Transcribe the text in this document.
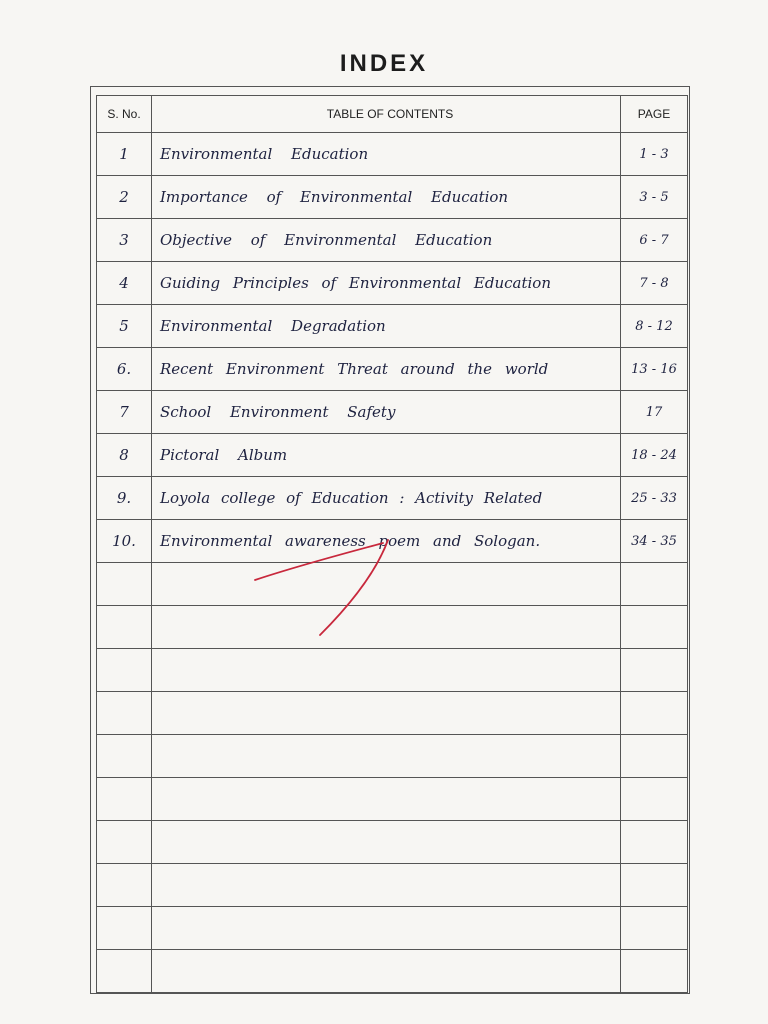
INDEX
S. No.	TABLE OF CONTENTS	PAGE
1	Environmental Education	1 - 3
2	Importance of Environmental Education	3 - 5
3	Objective of Environmental Education	6 - 7
4	Guiding Principles of Environmental Education	7 - 8
5	Environmental Degradation	8 - 12
6.	Recent Environment Threat around the world	13 - 16
7	School Environment Safety	17
8	Pictoral Album	18 - 24
9.	Loyola college of Education : Activity Related	25 - 33
10.	Environmental awareness poem and Sologan.	34 - 35
